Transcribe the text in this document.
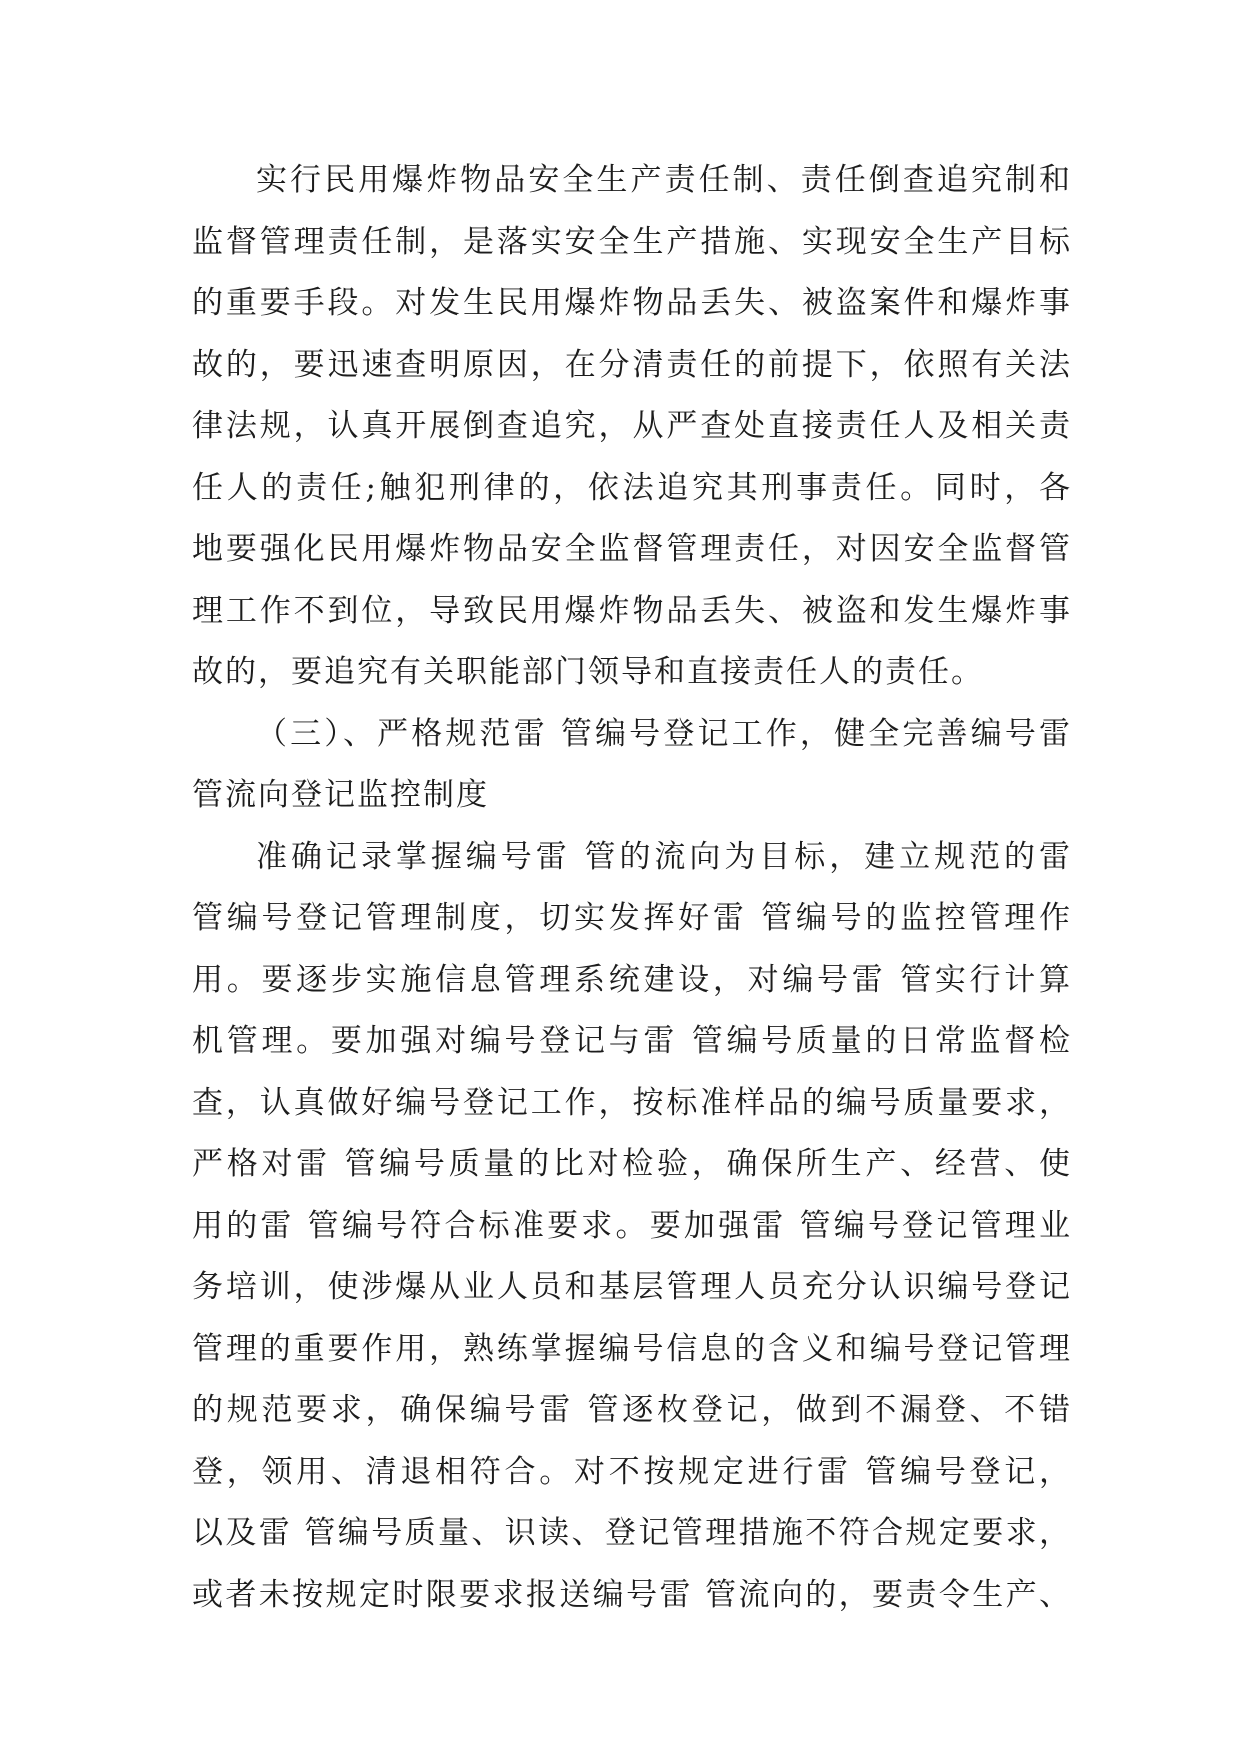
实行民用爆炸物品安全生产责任制、责任倒查追究制和
监督管理责任制，是落实安全生产措施、实现安全生产目标
的重要手段。对发生民用爆炸物品丢失、被盗案件和爆炸事
故的，要迅速查明原因，在分清责任的前提下，依照有关法
律法规，认真开展倒查追究，从严查处直接责任人及相关责
任人的责任;触犯刑律的，依法追究其刑事责任。同时，各
地要强化民用爆炸物品安全监督管理责任，对因安全监督管
理工作不到位，导致民用爆炸物品丢失、被盗和发生爆炸事
故的，要追究有关职能部门领导和直接责任人的责任。
（三）、严格规范雷 管编号登记工作，健全完善编号雷
管流向登记监控制度
准确记录掌握编号雷 管的流向为目标，建立规范的雷
管编号登记管理制度，切实发挥好雷 管编号的监控管理作
用。要逐步实施信息管理系统建设，对编号雷 管实行计算
机管理。要加强对编号登记与雷 管编号质量的日常监督检
查，认真做好编号登记工作，按标准样品的编号质量要求，
严格对雷 管编号质量的比对检验，确保所生产、经营、使
用的雷 管编号符合标准要求。要加强雷 管编号登记管理业
务培训，使涉爆从业人员和基层管理人员充分认识编号登记
管理的重要作用，熟练掌握编号信息的含义和编号登记管理
的规范要求，确保编号雷 管逐枚登记，做到不漏登、不错
登，领用、清退相符合。对不按规定进行雷 管编号登记，
以及雷 管编号质量、识读、登记管理措施不符合规定要求，
或者未按规定时限要求报送编号雷 管流向的，要责令生产、
